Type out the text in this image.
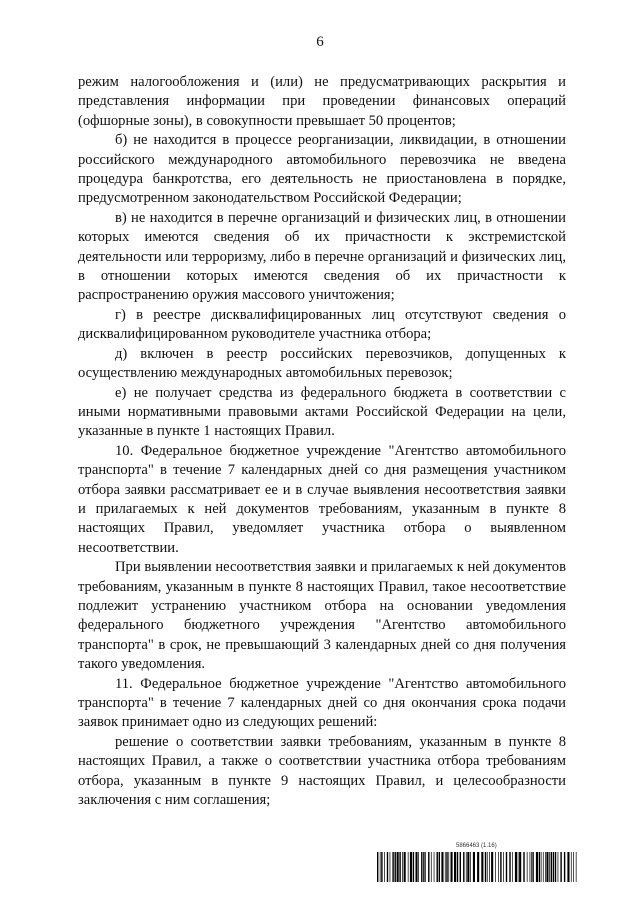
6

режим налогообложения и (или) не предусматривающих раскрытия и представления информации при проведении финансовых операций (офшорные зоны), в совокупности превышает 50 процентов;

б) не находится в процессе реорганизации, ликвидации, в отношении российского международного автомобильного перевозчика не введена процедура банкротства, его деятельность не приостановлена в порядке, предусмотренном законодательством Российской Федерации;

в) не находится в перечне организаций и физических лиц, в отношении которых имеются сведения об их причастности к экстремистской деятельности или терроризму, либо в перечне организаций и физических лиц, в отношении которых имеются сведения об их причастности к распространению оружия массового уничтожения;

г) в реестре дисквалифицированных лиц отсутствуют сведения о дисквалифицированном руководителе участника отбора;

д) включен в реестр российских перевозчиков, допущенных к осуществлению международных автомобильных перевозок;

е) не получает средства из федерального бюджета в соответствии с иными нормативными правовыми актами Российской Федерации на цели, указанные в пункте 1 настоящих Правил.

10. Федеральное бюджетное учреждение "Агентство автомобильного транспорта" в течение 7 календарных дней со дня размещения участником отбора заявки рассматривает ее и в случае выявления несоответствия заявки и прилагаемых к ней документов требованиям, указанным в пункте 8 настоящих Правил, уведомляет участника отбора о выявленном несоответствии.

При выявлении несоответствия заявки и прилагаемых к ней документов требованиям, указанным в пункте 8 настоящих Правил, такое несоответствие подлежит устранению участником отбора на основании уведомления федерального бюджетного учреждения "Агентство автомобильного транспорта" в срок, не превышающий 3 календарных дней со дня получения такого уведомления.

11. Федеральное бюджетное учреждение "Агентство автомобильного транспорта" в течение 7 календарных дней со дня окончания срока подачи заявок принимает одно из следующих решений:

решение о соответствии заявки требованиям, указанным в пункте 8 настоящих Правил, а также о соответствии участника отбора требованиям отбора, указанным в пункте 9 настоящих Правил, и целесообразности заключения с ним соглашения;

5866463 (1.16)
